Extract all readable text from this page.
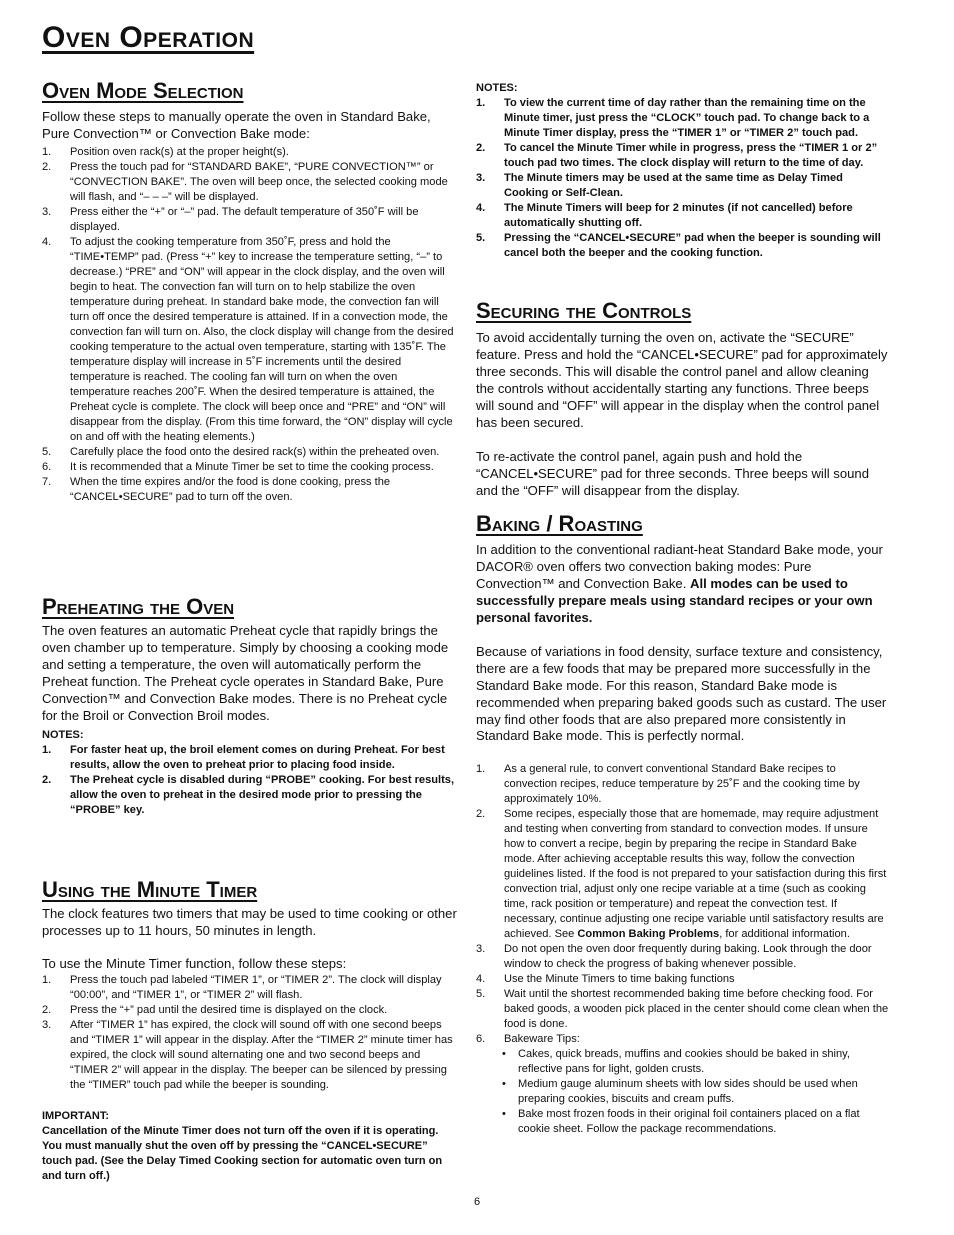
Oven Operation
Oven Mode Selection

Follow these steps to manually operate the oven in Standard Bake, Pure Convection™ or Convection Bake mode:

1. Position oven rack(s) at the proper height(s).
2. Press the touch pad for “STANDARD BAKE”, “PURE CONVECTION™” or “CONVECTION BAKE”. The oven will beep once, the selected cooking mode will flash, and “– – –” will be displayed.
3. Press either the “+” or “–” pad. The default temperature of 350˚F will be displayed.
4. To adjust the cooking temperature from 350˚F, press and hold the “TIME•TEMP” pad. (Press “+” key to increase the temperature setting, “–” to decrease.) “PRE” and “ON” will appear in the clock display, and the oven will begin to heat. The convection fan will turn on to help stabilize the oven temperature during preheat. In standard bake mode, the convection fan will turn off once the desired temperature is attained. If in a convection mode, the convection fan will turn on. Also, the clock display will change from the desired cooking temperature to the actual oven temperature, starting with 135˚F. The temperature display will increase in 5˚F increments until the desired temperature is reached. The cooling fan will turn on when the oven temperature reaches 200˚F. When the desired temperature is attained, the Preheat cycle is complete. The clock will beep once and “PRE” and “ON” will disappear from the display. (From this time forward, the “ON” display will cycle on and off with the heating elements.)
5. Carefully place the food onto the desired rack(s) within the preheated oven.
6. It is recommended that a Minute Timer be set to time the cooking process.
7. When the time expires and/or the food is done cooking, press the “CANCEL•SECURE” pad to turn off the oven.
Preheating the Oven

The oven features an automatic Preheat cycle that rapidly brings the oven chamber up to temperature. Simply by choosing a cooking mode and setting a temperature, the oven will automatically perform the Preheat function. The Preheat cycle operates in Standard Bake, Pure Convection™ and Convection Bake modes. There is no Preheat cycle for the Broil or Convection Broil modes.

NOTES:
1. For faster heat up, the broil element comes on during Preheat. For best results, allow the oven to preheat prior to placing food inside.
2. The Preheat cycle is disabled during “PROBE” cooking. For best results, allow the oven to preheat in the desired mode prior to pressing the “PROBE” key.
Using the Minute Timer

The clock features two timers that may be used to time cooking or other processes up to 11 hours, 50 minutes in length.

To use the Minute Timer function, follow these steps:

1. Press the touch pad labeled “TIMER 1”, or “TIMER 2”. The clock will display “00:00”, and “TIMER 1”, or “TIMER 2” will flash.
2. Press the “+” pad until the desired time is displayed on the clock.
3. After “TIMER 1” has expired, the clock will sound off with one second beeps and “TIMER 1” will appear in the display. After the “TIMER 2” minute timer has expired, the clock will sound alternating one and two second beeps and “TIMER 2” will appear in the display. The beeper can be silenced by pressing the “TIMER” touch pad while the beeper is sounding.
IMPORTANT:
Cancellation of the Minute Timer does not turn off the oven if it is operating. You must manually shut the oven off by pressing the “CANCEL•SECURE” touch pad. (See the Delay Timed Cooking section for automatic oven turn on and turn off.)
NOTES:
1. To view the current time of day rather than the remaining time on the Minute timer, just press the “CLOCK” touch pad. To change back to a Minute Timer display, press the “TIMER 1” or “TIMER 2” touch pad.
2. To cancel the Minute Timer while in progress, press the “TIMER 1 or 2” touch pad two times. The clock display will return to the time of day.
3. The Minute timers may be used at the same time as Delay Timed Cooking or Self-Clean.
4. The Minute Timers will beep for 2 minutes (if not cancelled) before automatically shutting off.
5. Pressing the “CANCEL•SECURE” pad when the beeper is sounding will cancel both the beeper and the cooking function.
Securing the Controls

To avoid accidentally turning the oven on, activate the “SECURE” feature. Press and hold the “CANCEL•SECURE” pad for approximately three seconds. This will disable the control panel and allow cleaning the controls without accidentally starting any functions. Three beeps will sound and “OFF” will appear in the display when the control panel has been secured.

To re-activate the control panel, again push and hold the “CANCEL•SECURE” pad for three seconds. Three beeps will sound and the “OFF” will disappear from the display.

Baking / Roasting

In addition to the conventional radiant-heat Standard Bake mode, your DACOR® oven offers two convection baking modes: Pure Convection™ and Convection Bake. All modes can be used to successfully prepare meals using standard recipes or your own personal favorites.

Because of variations in food density, surface texture and consistency, there are a few foods that may be prepared more successfully in the Standard Bake mode. For this reason, Standard Bake mode is recommended when preparing baked goods such as custard. The user may find other foods that are also prepared more consistently in Standard Bake mode. This is perfectly normal.

1. As a general rule, to convert conventional Standard Bake recipes to convection recipes, reduce temperature by 25˚F and the cooking time by approximately 10%.
2. Some recipes, especially those that are homemade, may require adjustment and testing when converting from standard to convection modes. If unsure how to convert a recipe, begin by preparing the recipe in Standard Bake mode. After achieving acceptable results this way, follow the convection guidelines listed. If the food is not prepared to your satisfaction during this first convection trial, adjust only one recipe variable at a time (such as cooking time, rack position or temperature) and repeat the convection test. If necessary, continue adjusting one recipe variable until satisfactory results are achieved. See Common Baking Problems, for additional information.
3. Do not open the oven door frequently during baking. Look through the door window to check the progress of baking whenever possible.
4. Use the Minute Timers to time baking functions
5. Wait until the shortest recommended baking time before checking food. For baked goods, a wooden pick placed in the center should come clean when the food is done.
6. Bakeware Tips:
• Cakes, quick breads, muffins and cookies should be baked in shiny, reflective pans for light, golden crusts.
• Medium gauge aluminum sheets with low sides should be used when preparing cookies, biscuits and cream puffs.
• Bake most frozen foods in their original foil containers placed on a flat cookie sheet. Follow the package recommendations.
6
